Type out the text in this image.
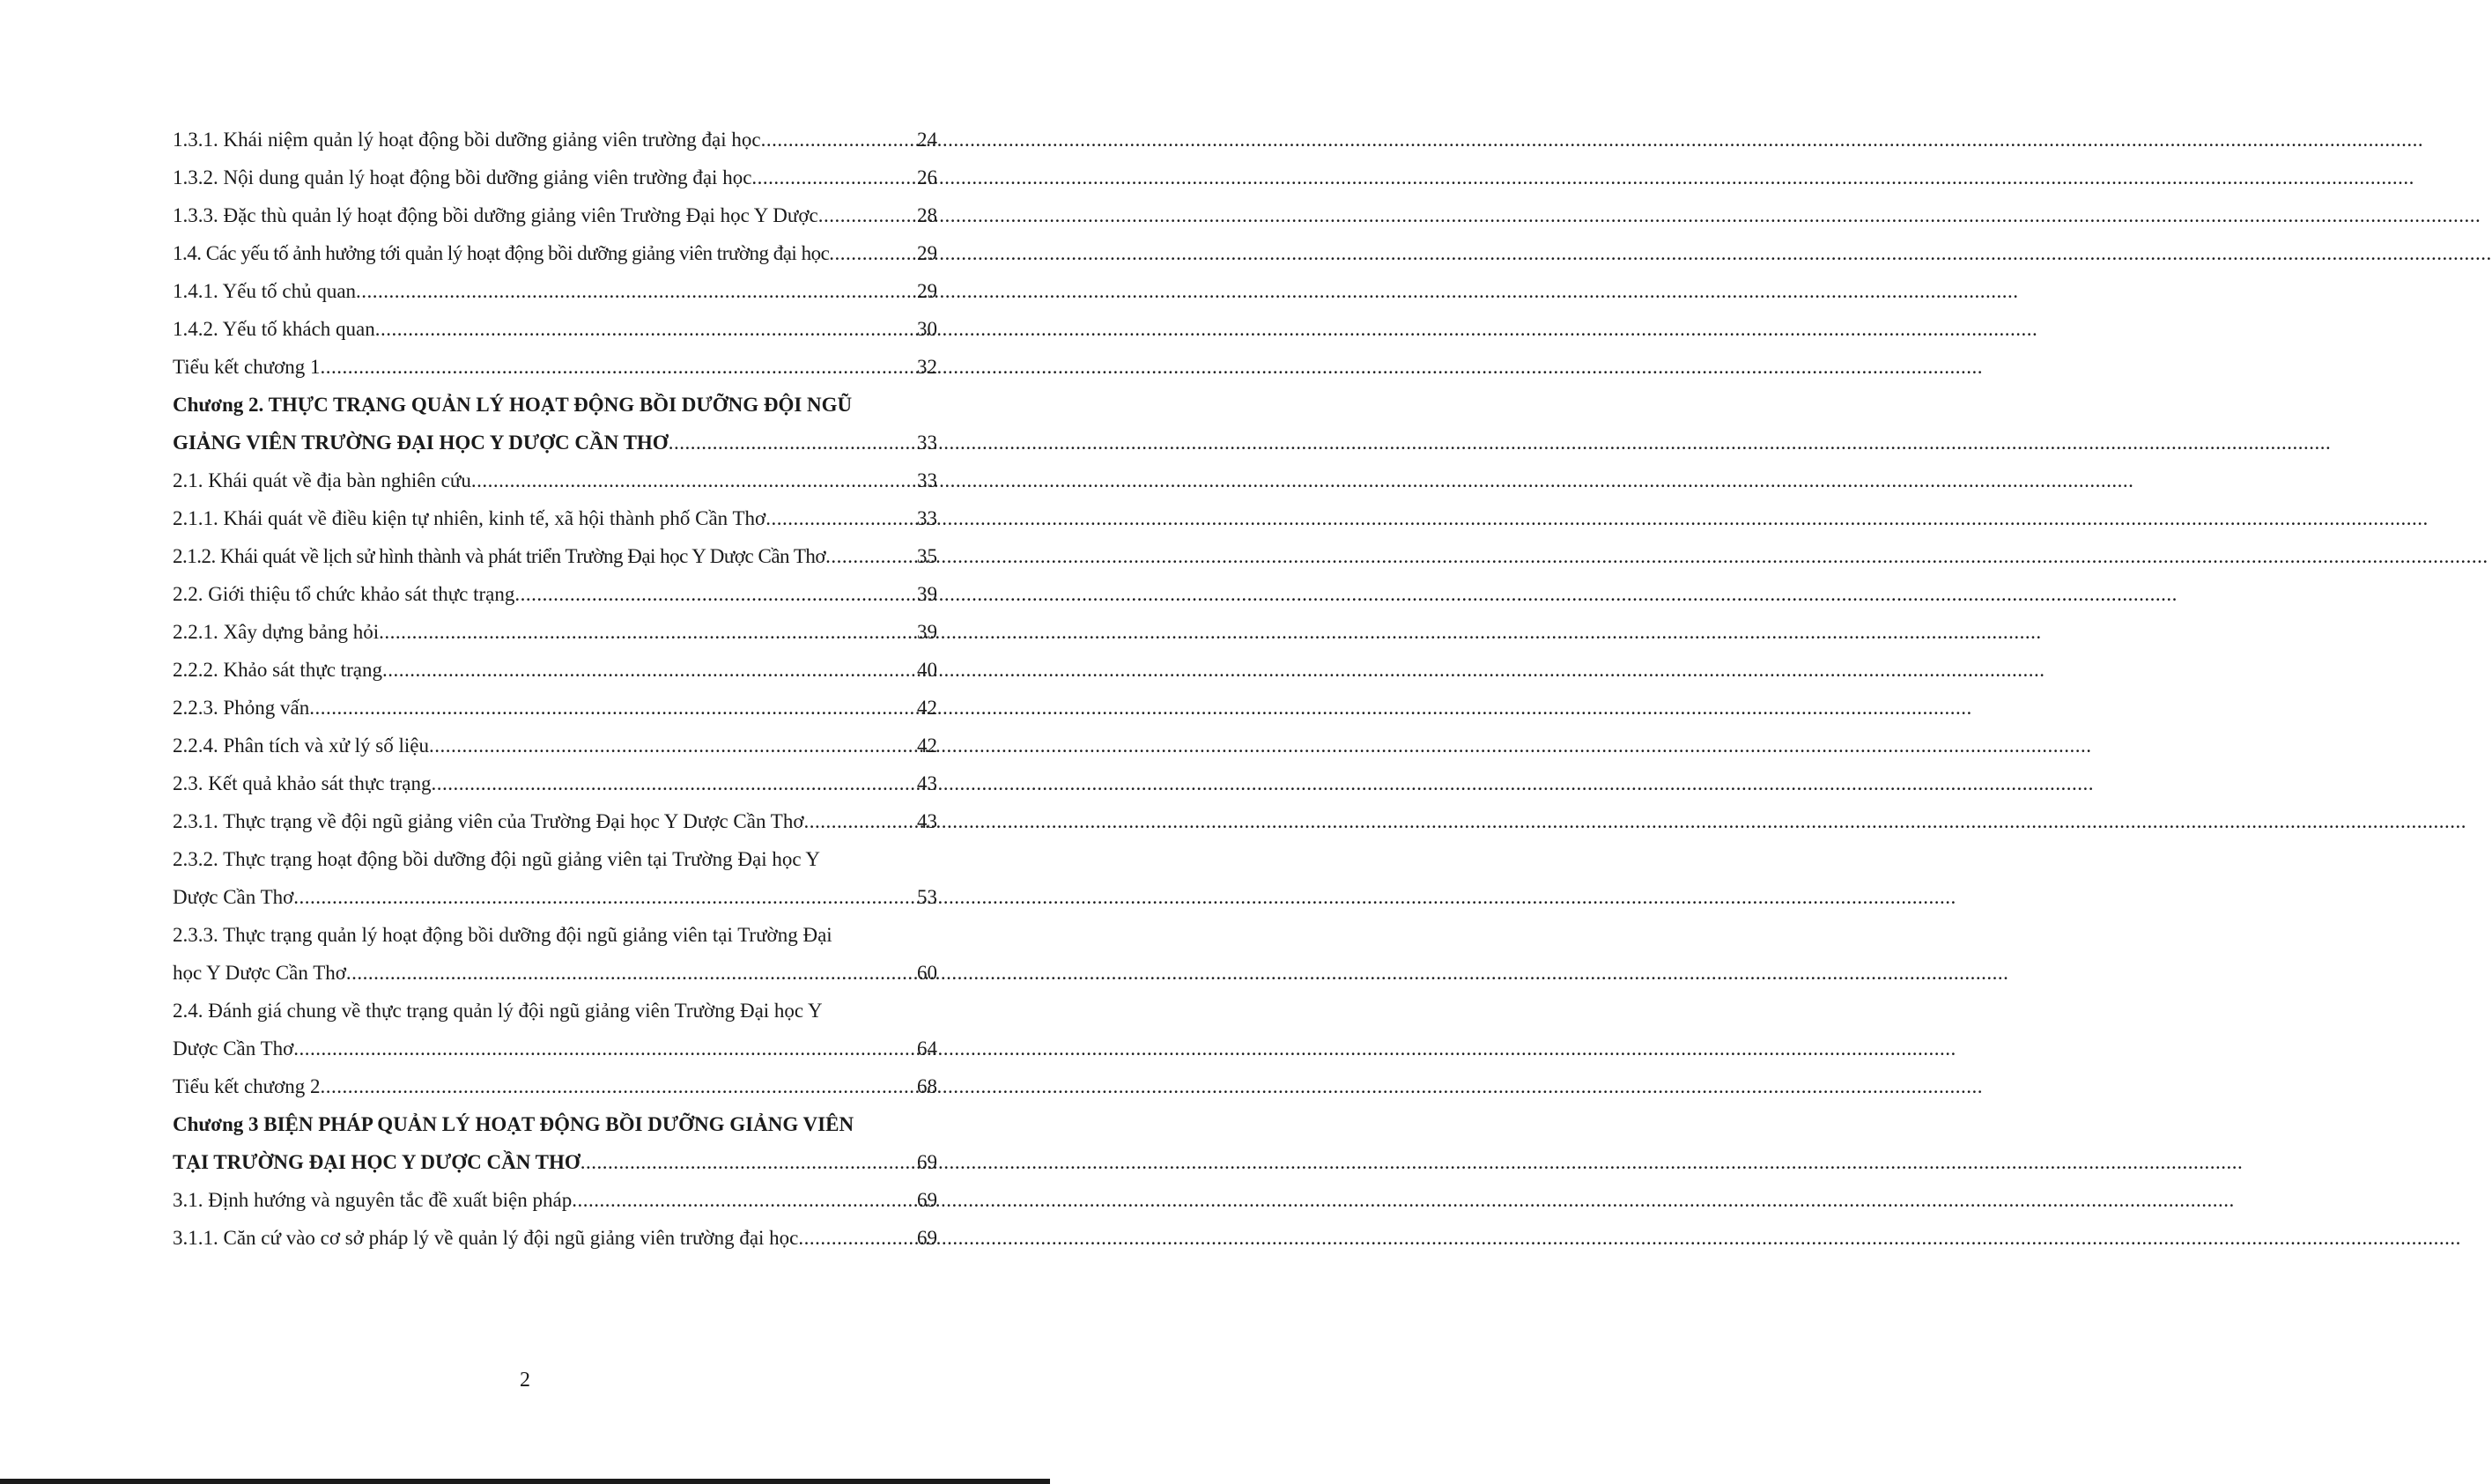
1.3.1. Khái niệm quản lý hoạt động bồi dưỡng giảng viên trường đại học .....	24
1.3.2. Nội dung quản lý hoạt động bồi dưỡng giảng viên trường đại học .....	26
1.3.3. Đặc thù quản lý hoạt động bồi dưỡng giảng viên Trường Đại học Y Dược .....	28
1.4. Các yếu tố ảnh hưởng tới quản lý hoạt động bồi dưỡng giảng viên trường đại học .....	29
1.4.1. Yếu tố chủ quan .....	29
1.4.2. Yếu tố khách quan .....	30
Tiểu kết chương 1 .....	32
Chương 2. THỰC TRẠNG QUẢN LÝ HOẠT ĐỘNG BỒI DƯỠNG ĐỘI NGŨ
GIẢNG VIÊN TRƯỜNG ĐẠI HỌC Y DƯỢC CẦN THƠ .....	33
2.1. Khái quát về địa bàn nghiên cứu .....	33
2.1.1. Khái quát về điều kiện tự nhiên, kinh tế, xã hội thành phố Cần Thơ .....	33
2.1.2. Khái quát về lịch sử hình thành và phát triển Trường Đại học Y Dược Cần Thơ .....	35
2.2. Giới thiệu tổ chức khảo sát thực trạng .....	39
2.2.1. Xây dựng bảng hỏi .....	39
2.2.2. Khảo sát thực trạng .....	40
2.2.3. Phỏng vấn .....	42
2.2.4. Phân tích và xử lý số liệu .....	42
2.3. Kết quả khảo sát thực trạng .....	43
2.3.1. Thực trạng về đội ngũ giảng viên của Trường Đại học Y Dược Cần Thơ .....	43
2.3.2. Thực trạng hoạt động bồi dưỡng đội ngũ giảng viên tại Trường Đại học Y
Dược Cần Thơ .....	53
2.3.3. Thực trạng quản lý hoạt động bồi dưỡng đội ngũ giảng viên tại Trường Đại
học Y Dược Cần Thơ .....	60
2.4. Đánh giá chung về thực trạng quản lý đội ngũ giảng viên Trường Đại học Y
Dược Cần Thơ .....	64
Tiểu kết chương 2 .....	68
Chương 3 BIỆN PHÁP QUẢN LÝ HOẠT ĐỘNG BỒI DƯỠNG GIẢNG VIÊN
TẠI TRƯỜNG ĐẠI HỌC Y DƯỢC CẦN THƠ .....	69
3.1. Định hướng và nguyên tắc đề xuất biện pháp .....	69
3.1.1. Căn cứ vào cơ sở pháp lý về quản lý đội ngũ giảng viên trường đại học .....	69
2
